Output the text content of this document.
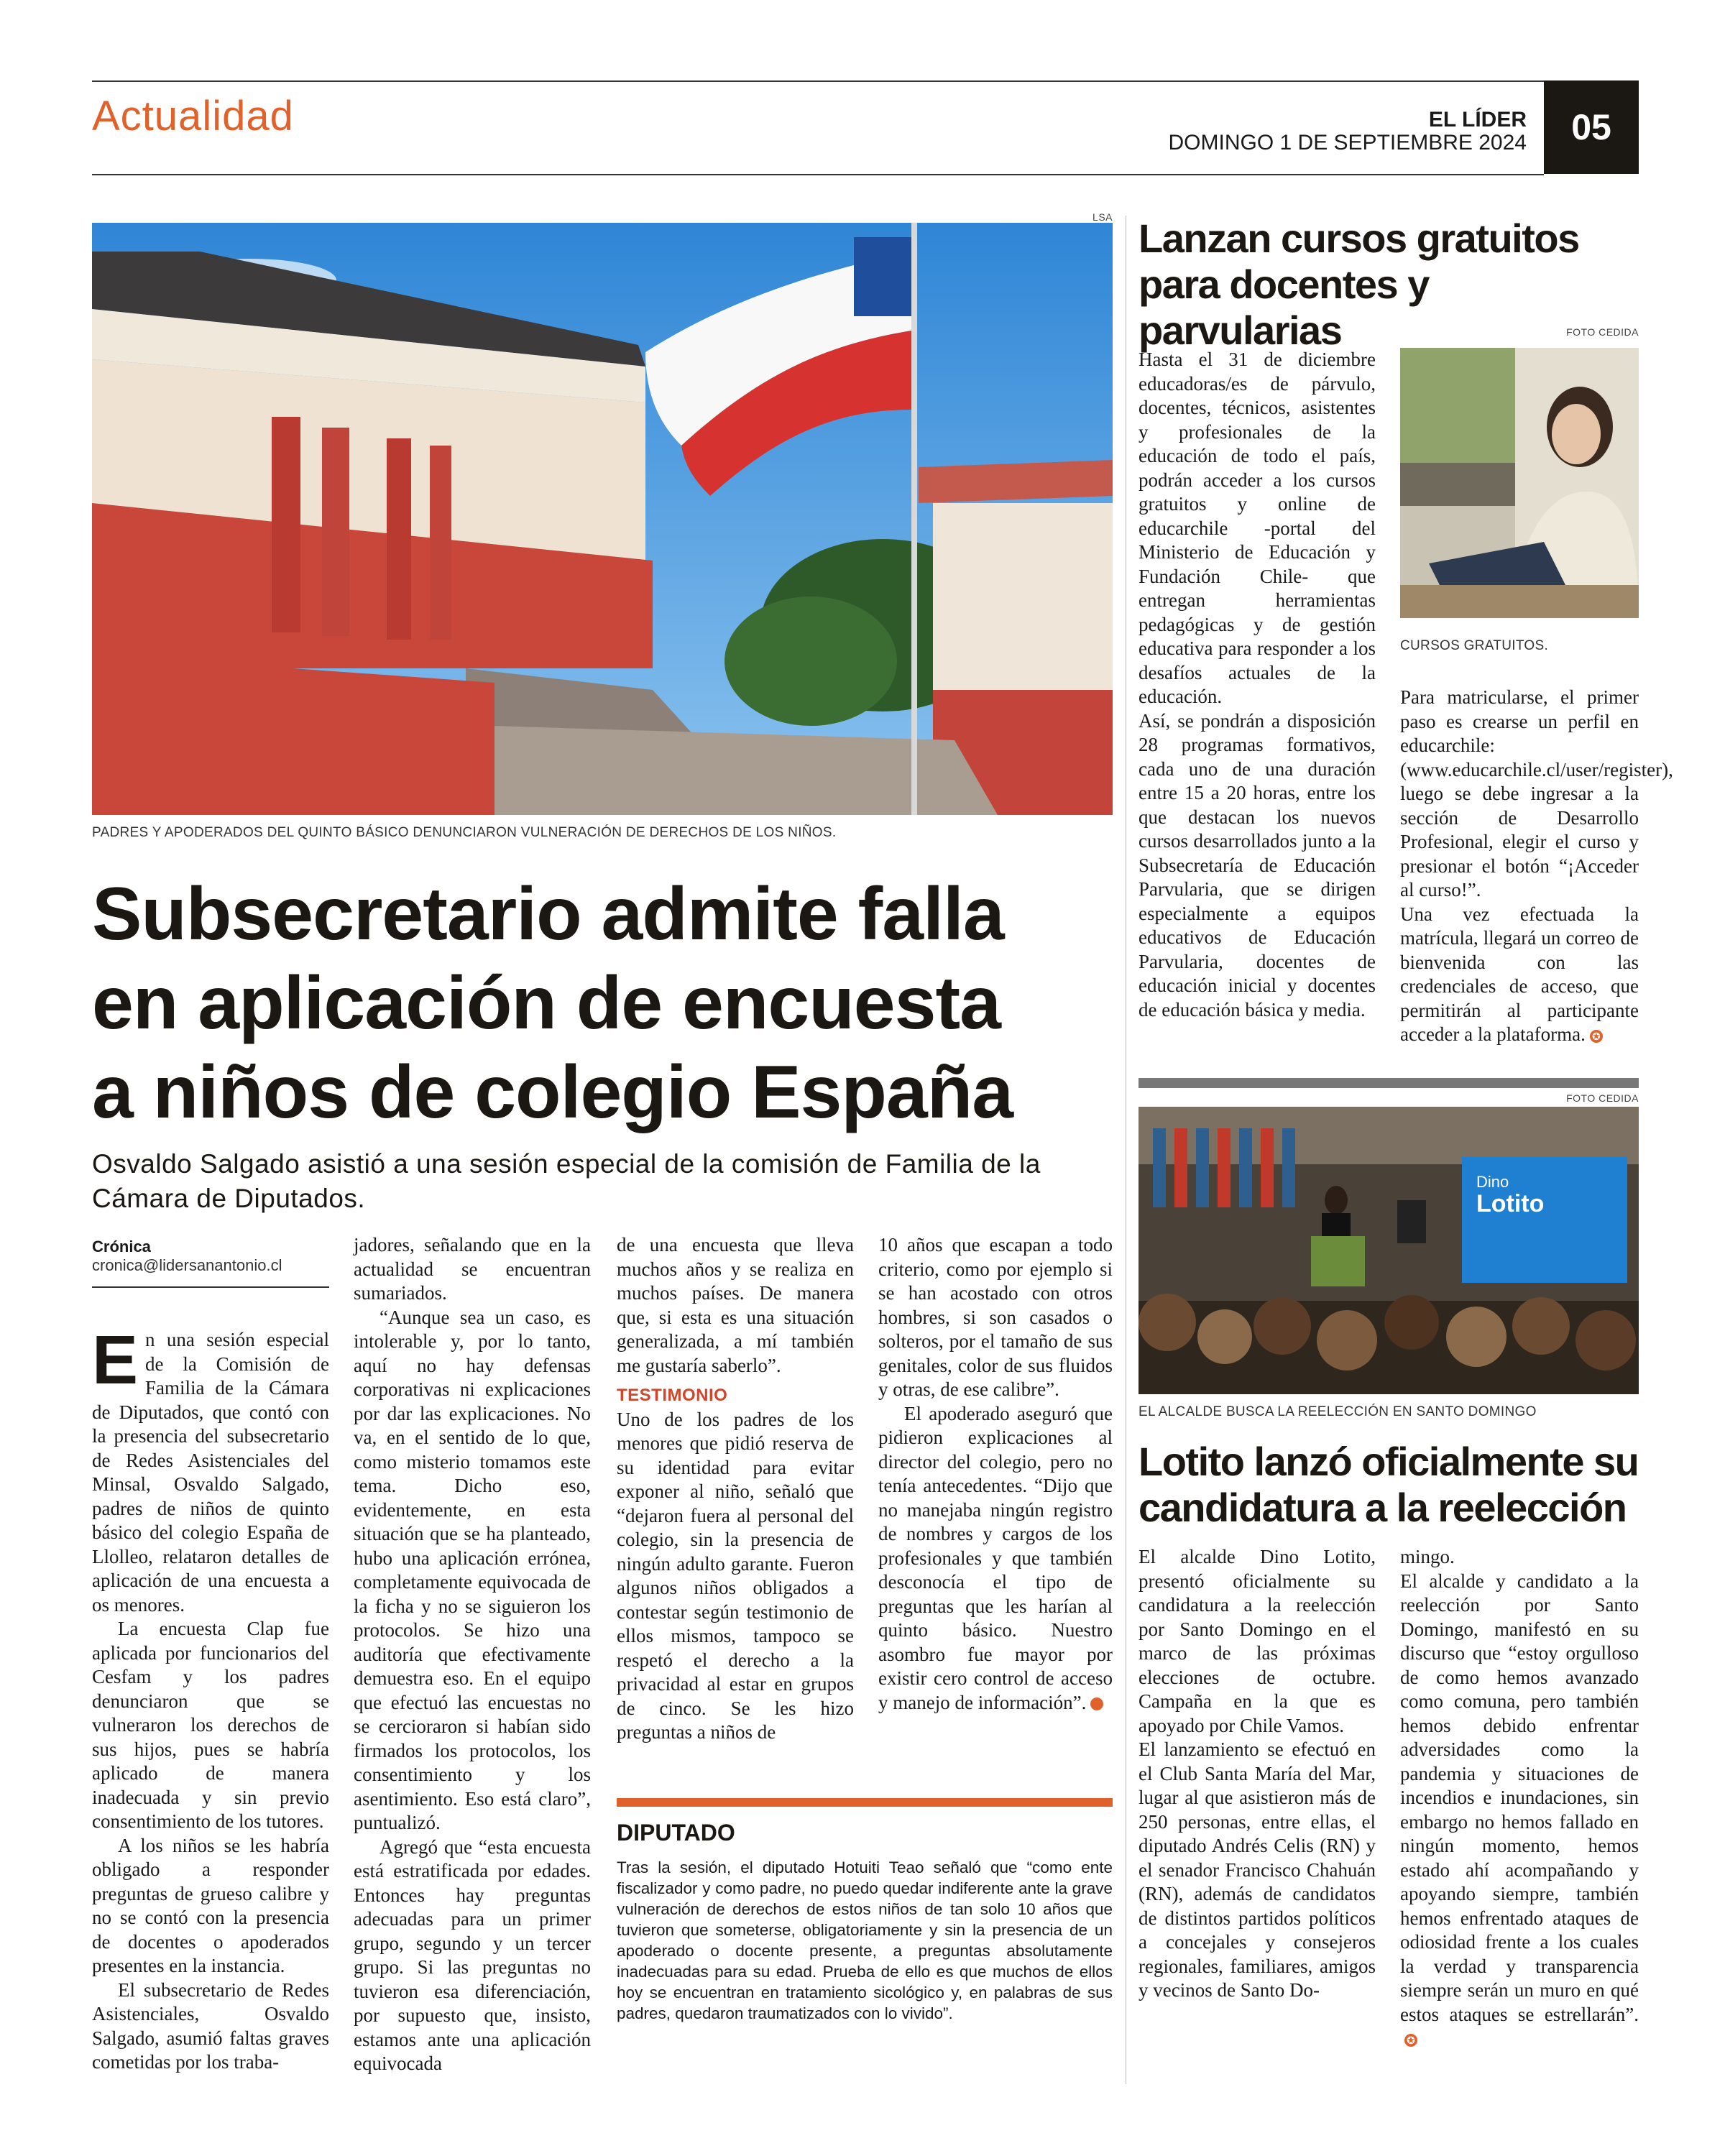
Actualidad	EL LÍDER
DOMINGO 1 DE SEPTIEMBRE 2024	05
LSA
PADRES Y APODERADOS DEL QUINTO BÁSICO DENUNCIARON VULNERACIÓN DE DERECHOS DE LOS NIÑOS.
Subsecretario admite falla
en aplicación de encuesta
a niños de colegio España
Osvaldo Salgado asistió a una sesión especial de la comisión de Familia de la Cámara de Diputados.
Crónica
cronica@lidersanantonio.cl

En una sesión especial de la Comisión de Familia de la Cámara de Diputados, que contó con la presencia del subsecretario de Redes Asistenciales del Minsal, Osvaldo Salgado, padres de niños de quinto básico del colegio España de Llolleo, relataron detalles de aplicación de una encuesta a os menores.

La encuesta Clap fue aplicada por funcionarios del Cesfam y los padres denunciaron que se vulneraron los derechos de sus hijos, pues se habría aplicado de manera inadecuada y sin previo consentimiento de los tutores.

A los niños se les habría obligado a responder preguntas de grueso calibre y no se contó con la presencia de docentes o apoderados presentes en la instancia.

El subsecretario de Redes Asistenciales, Osvaldo Salgado, asumió faltas graves cometidas por los traba-

jadores, señalando que en la actualidad se encuentran sumariados.

“Aunque sea un caso, es intolerable y, por lo tanto, aquí no hay defensas corporativas ni explicaciones por dar las explicaciones. No va, en el sentido de lo que, como misterio tomamos este tema. Dicho eso, evidentemente, en esta situación que se ha planteado, hubo una aplicación errónea, completamente equivocada de la ficha y no se siguieron los protocolos. Se hizo una auditoría que efectivamente demuestra eso. En el equipo que efectuó las encuestas no se cercioraron si habían sido firmados los protocolos, los consentimiento y los asentimiento. Eso está claro”, puntualizó.

Agregó que “esta encuesta está estratificada por edades. Entonces hay preguntas adecuadas para un primer grupo, segundo y un tercer grupo. Si las preguntas no tuvieron esa diferenciación, por supuesto que, insisto, estamos ante una aplicación equivocada

de una encuesta que lleva muchos años y se realiza en muchos países. De manera que, si esta es una situación generalizada, a mí también me gustaría saberlo”.

TESTIMONIO

Uno de los padres de los menores que pidió reserva de su identidad para evitar exponer al niño, señaló que “dejaron fuera al personal del colegio, sin la presencia de ningún adulto garante. Fueron algunos niños obligados a contestar según testimonio de ellos mismos, tampoco se respetó el derecho a la privacidad al estar en grupos de cinco. Se les hizo preguntas a niños de

10 años que escapan a todo criterio, como por ejemplo si se han acostado con otros hombres, si son casados o solteros, por el tamaño de sus genitales, color de sus fluidos y otras, de ese calibre”.

El apoderado aseguró que pidieron explicaciones al director del colegio, pero no tenía antecedentes. “Dijo que no manejaba ningún registro de nombres y cargos de los profesionales y que también desconocía el tipo de preguntas que les harían al quinto básico. Nuestro asombro fue mayor por existir cero control de acceso y manejo de información”.	✪

DIPUTADO
Tras la sesión, el diputado Hotuiti Teao señaló que “como ente fiscalizador y como padre, no puedo quedar indiferente ante la grave vulneración de derechos de estos niños de tan solo 10 años que tuvieron que someterse, obligatoriamente y sin la presencia de un apoderado o docente presente, a preguntas absolutamente inadecuadas para su edad. Prueba de ello es que muchos de ellos hoy se encuentran en tratamiento sicológico y, en palabras de sus padres, quedaron traumatizados con lo vivido”.
Lanzan cursos gratuitos
para docentes y parvularias	FOTO CEDIDA

Hasta el 31 de diciembre educadoras/es de párvulo, docentes, técnicos, asistentes y profesionales de la educación de todo el país, podrán acceder a los cursos gratuitos y online de educarchile -portal del Ministerio de Educación y Fundación Chile- que entregan herramientas pedagógicas y de gestión educativa para responder a los desafíos actuales de la educación.

Así, se pondrán a disposición 28 programas formativos, cada uno de una duración entre 15 a 20 horas, entre los que destacan los nuevos cursos desarrollados junto a la Subsecretaría de Educación Parvularia, que se dirigen especialmente a equipos educativos de Educación Parvularia, docentes de educación inicial y docentes de educación básica y media.

CURSOS GRATUITOS.

Para matricularse, el primer paso es crearse un perfil en educarchile: (www.educarchile.cl/user/register), luego se debe ingresar a la sección de Desarrollo Profesional, elegir el curso y presionar el botón “¡Acceder al curso!”.

Una vez efectuada la matrícula, llegará un correo de bienvenida con las credenciales de acceso, que permitirán al participante acceder a la plataforma. ✪

FOTO CEDIDA
Dino
Lotito
EL ALCALDE BUSCA LA REELECCIÓN EN SANTO DOMINGO
Lotito lanzó oficialmente su
candidatura a la reelección

El alcalde Dino Lotito, presentó oficialmente su candidatura a la reelección por Santo Domingo en el marco de las próximas elecciones de octubre. Campaña en la que es apoyado por Chile Vamos.

El lanzamiento se efectuó en el Club Santa María del Mar, lugar al que asistieron más de 250 personas, entre ellas, el diputado Andrés Celis (RN) y el senador Francisco Chahuán (RN), además de candidatos de distintos partidos políticos a concejales y consejeros regionales, familiares, amigos y vecinos de Santo Do-

mingo.

El alcalde y candidato a la reelección por Santo Domingo, manifestó en su discurso que “estoy orgulloso de como hemos avanzado como comuna, pero también hemos debido enfrentar adversidades como la pandemia y situaciones de incendios e inundaciones, sin embargo no hemos fallado en ningún momento, hemos estado ahí acompañando y apoyando siempre, también hemos enfrentado ataques de odiosidad frente a los cuales la verdad y transparencia siempre serán un muro en qué estos ataques se estrellarán”.✪
